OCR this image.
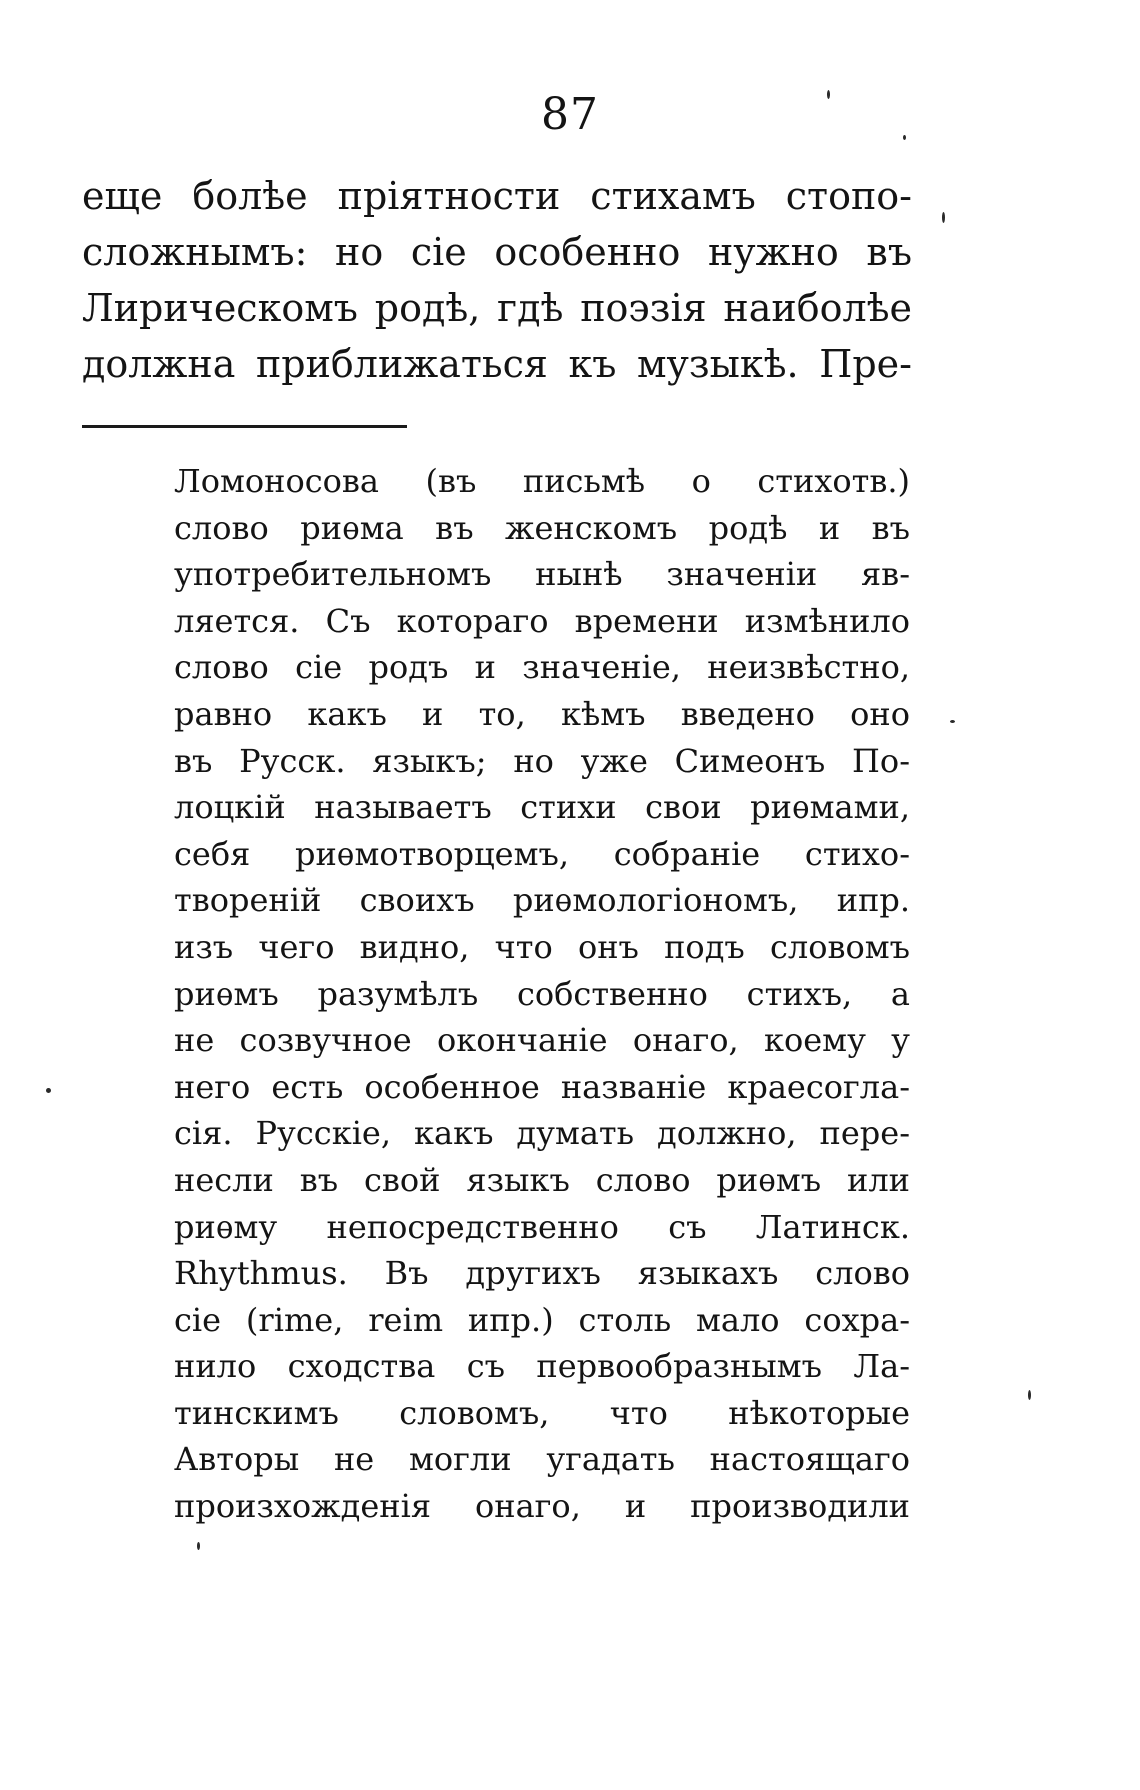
87
еще болѣе пріятности стихамъ стопо-
сложнымъ: но сіе особенно нужно въ
Лирическомъ родѣ, гдѣ поэзія наиболѣе
должна приближаться къ музыкѣ. Пре-
Ломоносова (въ письмѣ о стихотв.)
слово риѳма въ женскомъ родѣ и въ
употребительномъ нынѣ значеніи яв-
ляется. Съ котораго времени измѣнило
слово сіе родъ и значеніе, неизвѣстно,
равно какъ и то, кѣмъ введено оно
въ Русск. языкъ; но уже Симеонъ По-
лоцкій называетъ стихи свои риѳмами,
себя риѳмотворцемъ, собраніе стихо-
твореній своихъ риѳмологіономъ, ипр.
изъ чего видно, что онъ подъ словомъ
риѳмъ разумѣлъ собственно стихъ, а
не созвучное окончаніе онаго, коему у
него есть особенное названіе краесогла-
сія. Русскіе, какъ думать должно, пере-
несли въ свой языкъ слово риѳмъ или
риѳму непосредственно съ Латинск.
Rhythmus. Въ другихъ языкахъ слово
сіе (rime, reim ипр.) столь мало сохра-
нило сходства съ первообразнымъ Ла-
тинскимъ словомъ, что нѣкоторые
Авторы не могли угадать настоящаго
произхожденія онаго, и производили
